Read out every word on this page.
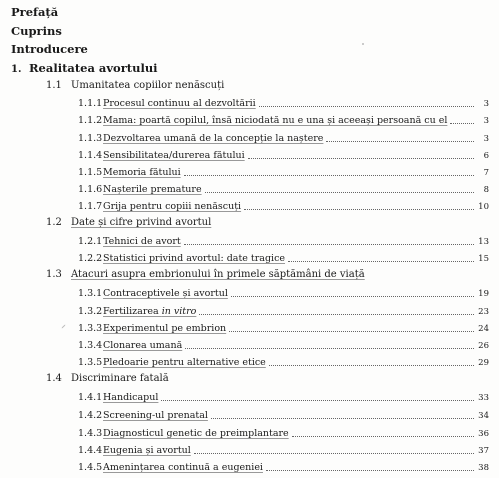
Prefață
Cuprins
Introducere
1. Realitatea avortului
1.1 Umanitatea copiilor nenăscuți
1.1.1 Procesul continuu al dezvoltării	3
1.1.2 Mama: poartă copilul, însă niciodată nu e una și aceeași persoană cu el	3
1.1.3 Dezvoltarea umană de la concepție la naștere	3
1.1.4 Sensibilitatea/durerea fătului	6
1.1.5 Memoria fătului	7
1.1.6 Nașterile premature	8
1.1.7 Grija pentru copiii nenăscuți	10
1.2 Date și cifre privind avortul
1.2.1 Tehnici de avort	13
1.2.2 Statistici privind avortul: date tragice	15
1.3 Atacuri asupra embrionului în primele săptămâni de viață
1.3.1 Contraceptivele și avortul	19
1.3.2 Fertilizarea in vitro	23
1.3.3 Experimentul pe embrion	24
1.3.4 Clonarea umană	26
1.3.5 Pledoarie pentru alternative etice	29
1.4 Discriminare fatală
1.4.1 Handicapul	33
1.4.2 Screening-ul prenatal	34
1.4.3 Diagnosticul genetic de preimplantare	36
1.4.4 Eugenia și avortul	37
1.4.5 Amenințarea continuă a eugeniei	38
